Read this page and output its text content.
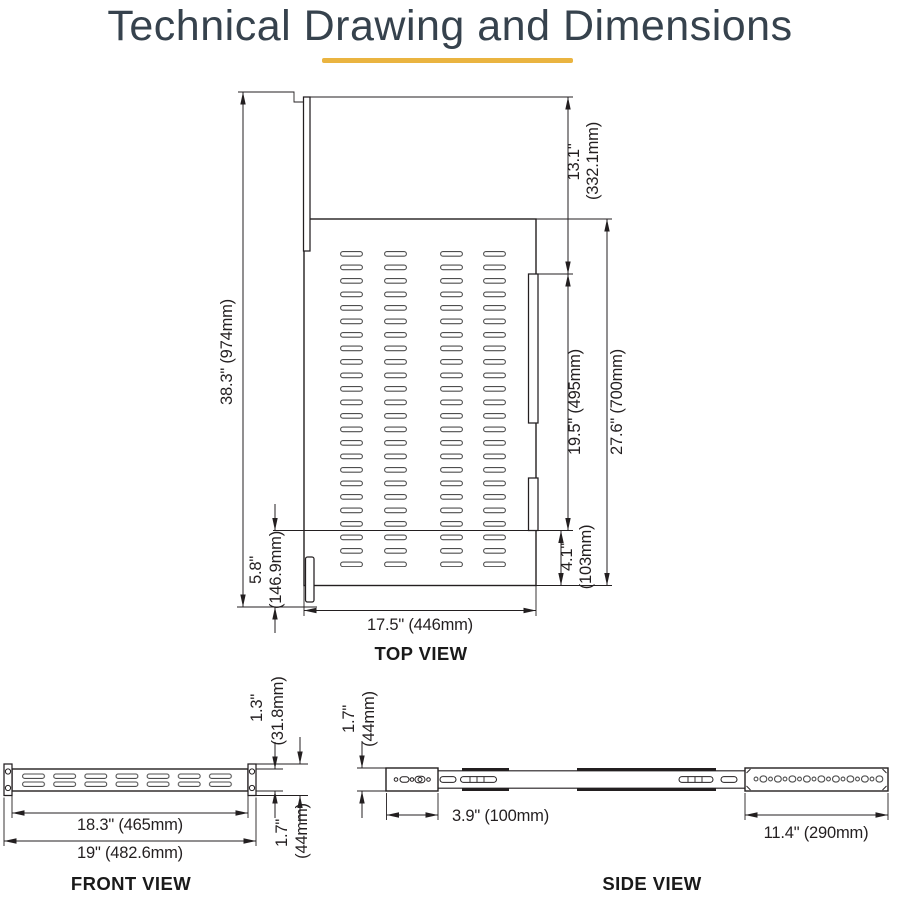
Technical Drawing and Dimensions
38.3" (974mm)
13.1" (332.1mm)
19.5" (495mm) 27.6" (700mm)
5.8" (146.9mm)	4.1" (103mm)
17.5" (446mm)
TOP VIEW
1.3" (31.8mm)
1.7" (44mm)
18.3" (465mm)
19" (482.6mm)
FRONT VIEW
1.7" (44mm)
3.9" (100mm)
11.4" (290mm)
SIDE VIEW
